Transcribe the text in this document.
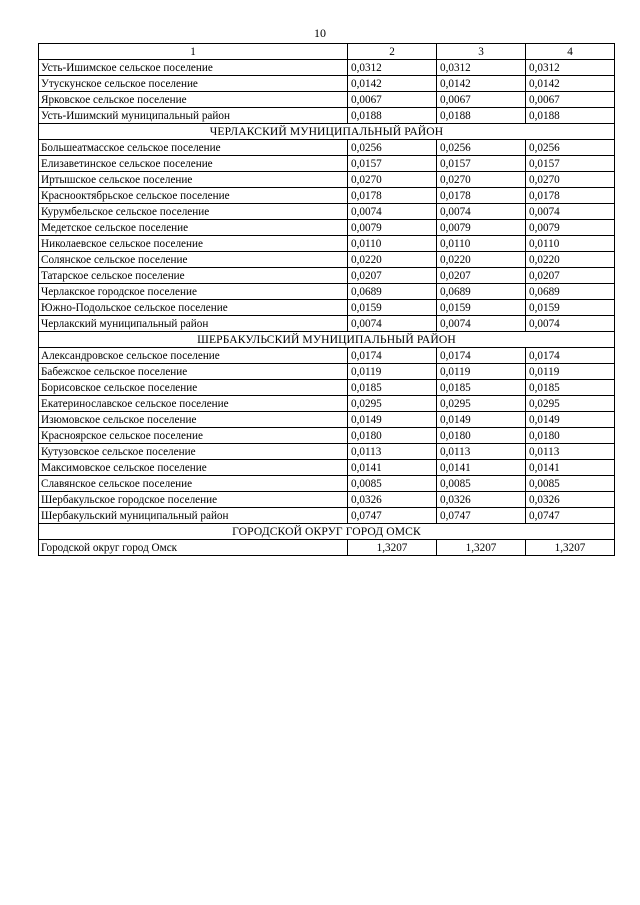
10
1	2	3	4
Усть-Ишимское сельское поселение	0,0312	0,0312	0,0312
Утускунское сельское поселение	0,0142	0,0142	0,0142
Ярковское сельское поселение	0,0067	0,0067	0,0067
Усть-Ишимский муниципальный район	0,0188	0,0188	0,0188
ЧЕРЛАКСКИЙ МУНИЦИПАЛЬНЫЙ РАЙОН			
Большеатмасское сельское поселение	0,0256	0,0256	0,0256
Елизаветинское сельское поселение	0,0157	0,0157	0,0157
Иртышское сельское поселение	0,0270	0,0270	0,0270
Краснооктябрьское сельское поселение	0,0178	0,0178	0,0178
Курумбельское сельское поселение	0,0074	0,0074	0,0074
Медетское сельское поселение	0,0079	0,0079	0,0079
Николаевское сельское поселение	0,0110	0,0110	0,0110
Солянское сельское поселение	0,0220	0,0220	0,0220
Татарское сельское поселение	0,0207	0,0207	0,0207
Черлакское городское поселение	0,0689	0,0689	0,0689
Южно-Подольское сельское поселение	0,0159	0,0159	0,0159
Черлакский муниципальный район	0,0074	0,0074	0,0074
ШЕРБАКУЛЬСКИЙ МУНИЦИПАЛЬНЫЙ РАЙОН			
Александровское сельское поселение	0,0174	0,0174	0,0174
Бабежское сельское поселение	0,0119	0,0119	0,0119
Борисовское сельское поселение	0,0185	0,0185	0,0185
Екатеринославское сельское поселение	0,0295	0,0295	0,0295
Изюмовское сельское поселение	0,0149	0,0149	0,0149
Красноярское сельское поселение	0,0180	0,0180	0,0180
Кутузовское сельское поселение	0,0113	0,0113	0,0113
Максимовское сельское поселение	0,0141	0,0141	0,0141
Славянское сельское поселение	0,0085	0,0085	0,0085
Шербакульское городское поселение	0,0326	0,0326	0,0326
Шербакульский муниципальный район	0,0747	0,0747	0,0747
ГОРОДСКОЙ ОКРУГ ГОРОД ОМСК			
Городской округ город Омск	1,3207	1,3207	1,3207
